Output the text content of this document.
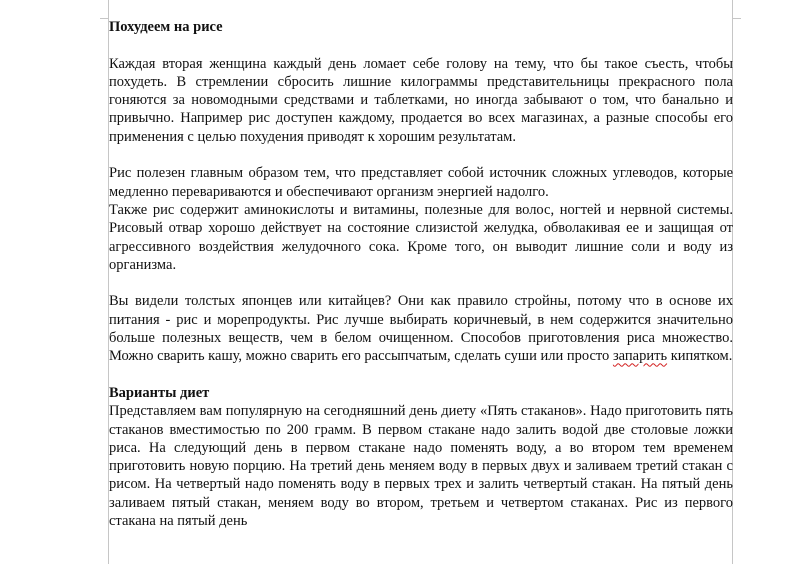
Похудеем на рисе

Каждая вторая женщина каждый день ломает себе голову на тему, что бы такое съесть, чтобы похудеть. В стремлении сбросить лишние килограммы представительницы прекрасного пола гоняются за новомодными средствами и таблетками, но иногда забывают о том, что банально и привычно. Например рис доступен каждому, продается во всех магазинах, а разные способы его применения с целью похудения приводят к хорошим результатам.

Рис полезен главным образом тем, что представляет собой источник сложных углеводов, которые медленно перевариваются и обеспечивают организм энергией надолго.

Также рис содержит аминокислоты и витамины, полезные для волос, ногтей и нервной системы. Рисовый отвар хорошо действует на состояние слизистой желудка, обволакивая ее и защищая от агрессивного воздействия желудочного сока. Кроме того, он выводит лишние соли и воду из организма.

Вы видели толстых японцев или китайцев? Они как правило стройны, потому что в основе их питания - рис и морепродукты. Рис лучше выбирать коричневый, в нем содержится значительно больше полезных веществ, чем в белом очищенном. Способов приготовления риса множество. Можно сварить кашу, можно сварить его рассыпчатым, сделать суши или просто запарить кипятком.

Варианты диет

Представляем вам популярную на сегодняшний день диету «Пять стаканов». Надо приготовить пять стаканов вместимостью по 200 грамм. В первом стакане надо залить водой две столовые ложки риса. На следующий день в первом стакане надо поменять воду, а во втором тем временем приготовить новую порцию. На третий день меняем воду в первых двух и заливаем третий стакан с рисом. На четвертый надо поменять воду в первых трех и залить четвертый стакан. На пятый день заливаем пятый стакан, меняем воду во втором, третьем и четвертом стаканах. Рис из первого стакана на пятый день
